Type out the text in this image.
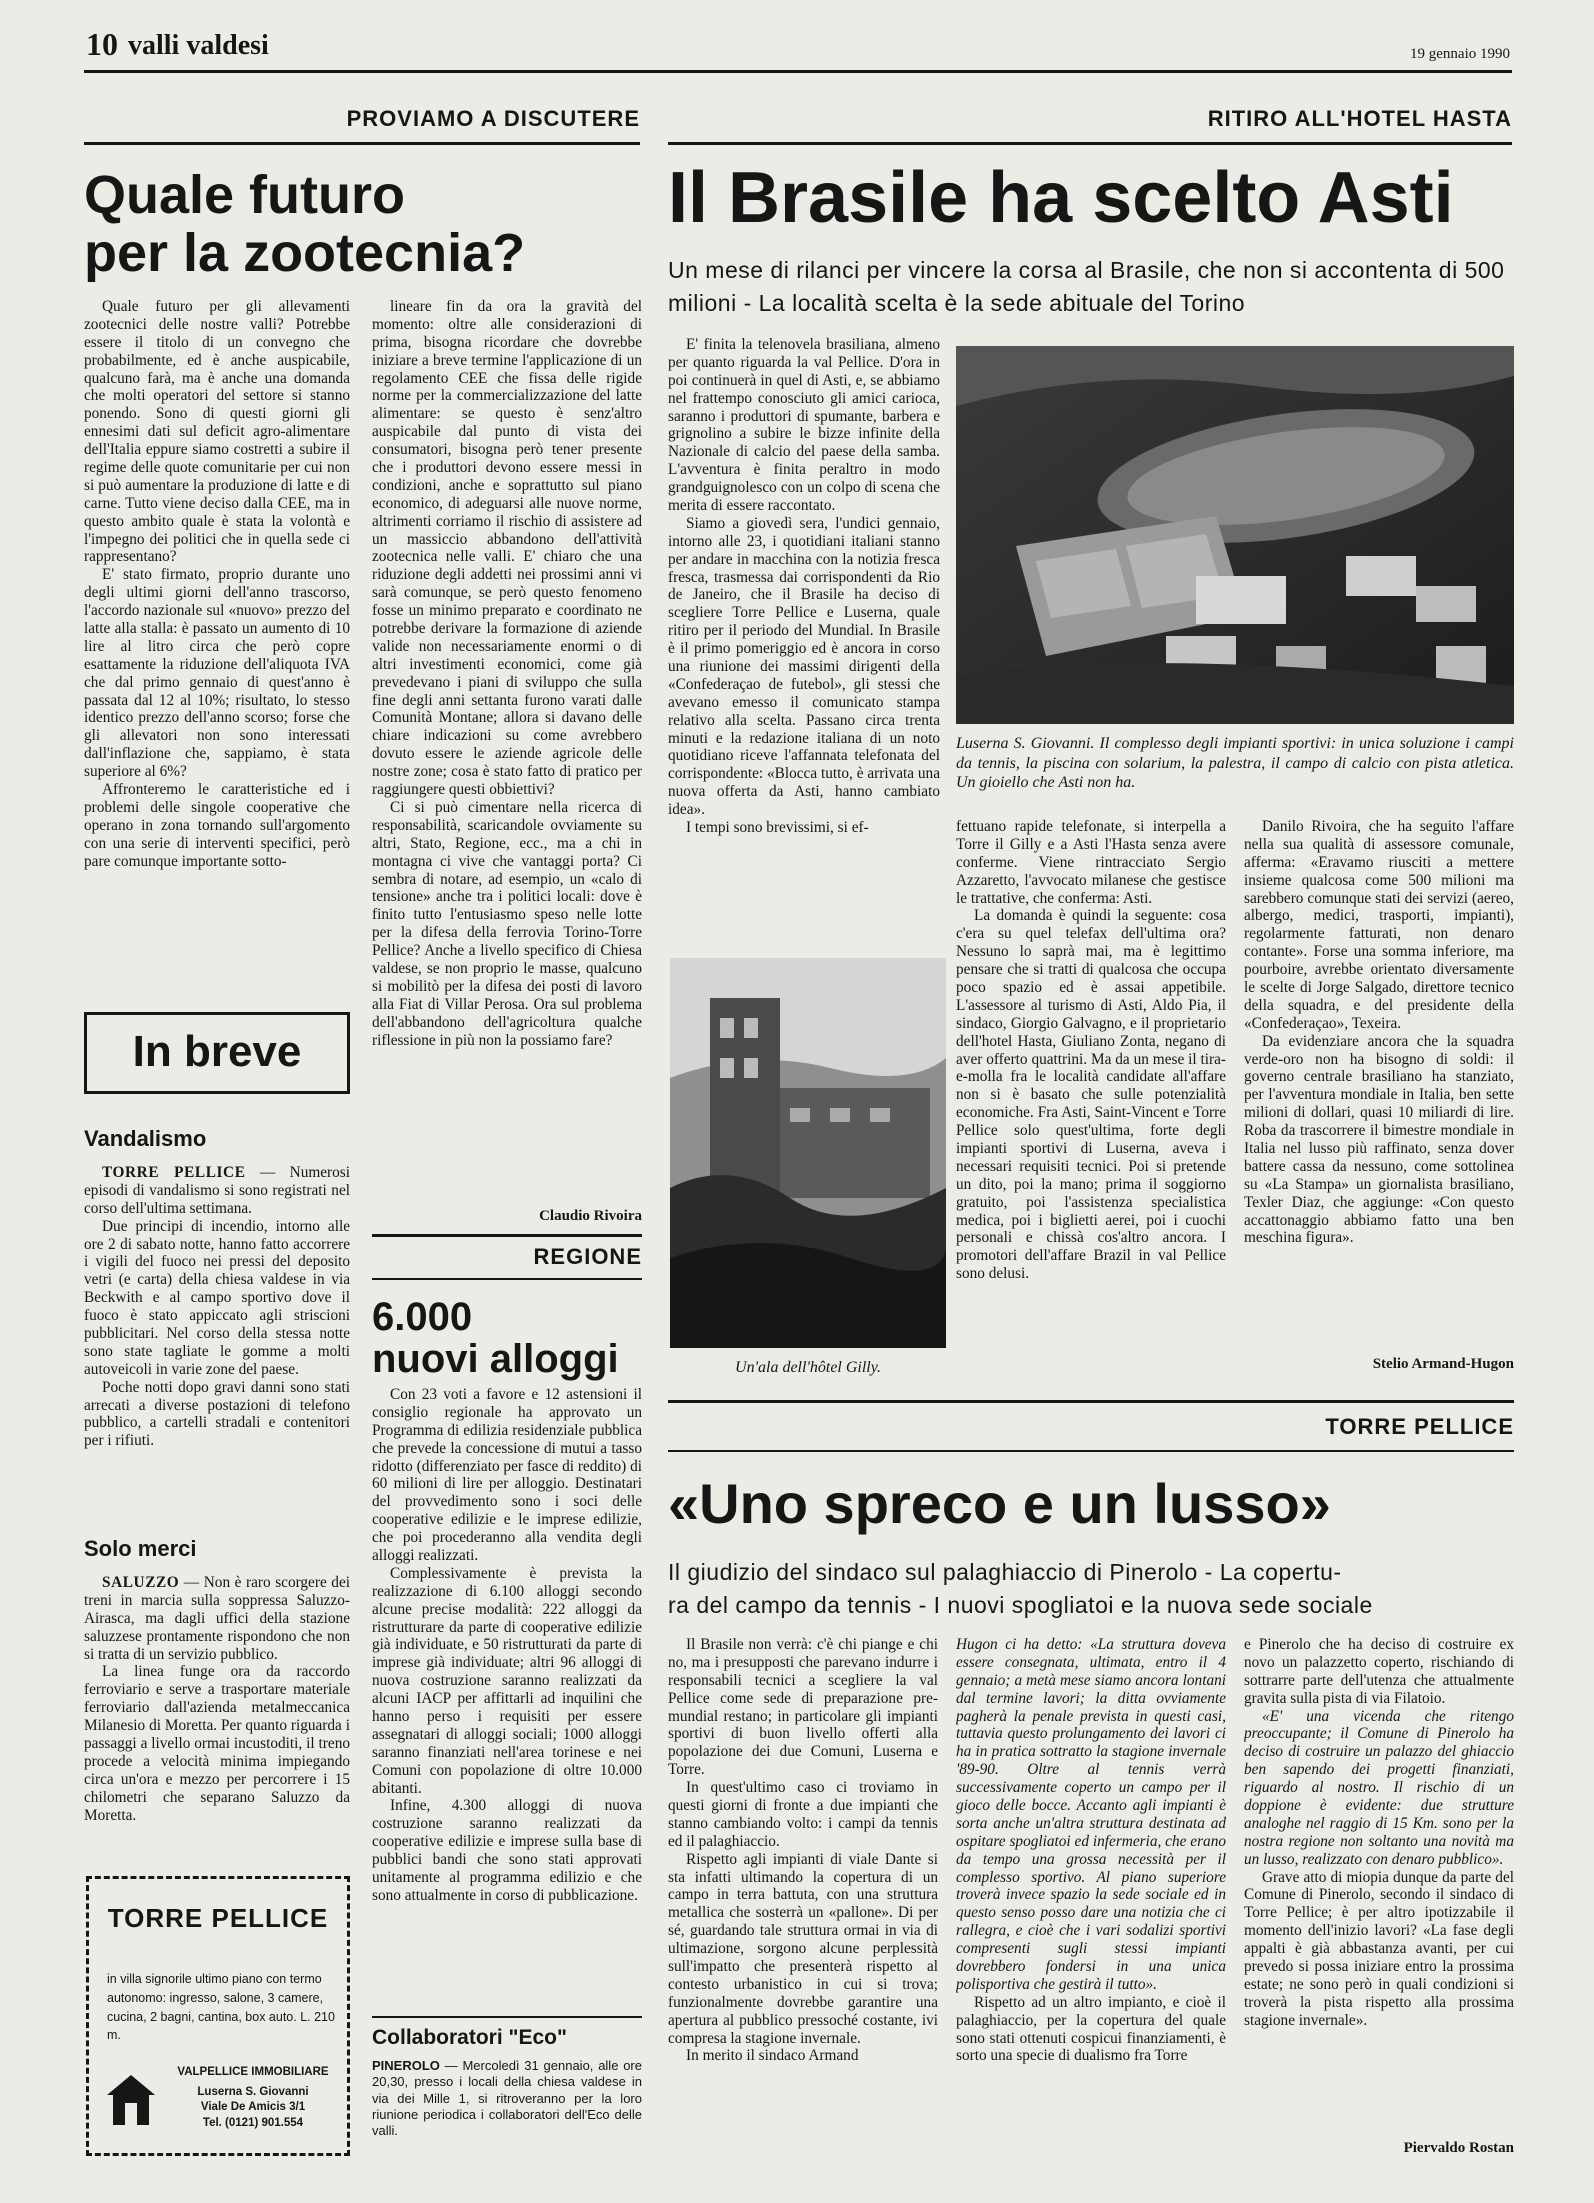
10 valli valdesi	19 gennaio 1990
PROVIAMO A DISCUTERE
Quale futuro
per la zootecnia?

Quale futuro per gli allevamenti zootecnici delle nostre valli? Potrebbe essere il titolo di un convegno che probabilmente, ed è anche auspicabile, qualcuno farà, ma è anche una domanda che molti operatori del settore si stanno ponendo. Sono di questi giorni gli ennesimi dati sul deficit agro-alimentare dell'Italia eppure siamo costretti a subire il regime delle quote comunitarie per cui non si può aumentare la produzione di latte e di carne. Tutto viene deciso dalla CEE, ma in questo ambito quale è stata la volontà e l'impegno dei politici che in quella sede ci rappresentano?

E' stato firmato, proprio durante uno degli ultimi giorni dell'anno trascorso, l'accordo nazionale sul «nuovo» prezzo del latte alla stalla: è passato un aumento di 10 lire al litro circa che però copre esattamente la riduzione dell'aliquota IVA che dal primo gennaio di quest'anno è passata dal 12 al 10%; risultato, lo stesso identico prezzo dell'anno scorso; forse che gli allevatori non sono interessati dall'inflazione che, sappiamo, è stata superiore al 6%?

Affronteremo le caratteristiche ed i problemi delle singole cooperative che operano in zona tornando sull'argomento con una serie di interventi specifici, però pare comunque importante sotto-

lineare fin da ora la gravità del momento: oltre alle considerazioni di prima, bisogna ricordare che dovrebbe iniziare a breve termine l'applicazione di un regolamento CEE che fissa delle rigide norme per la commercializzazione del latte alimentare: se questo è senz'altro auspicabile dal punto di vista dei consumatori, bisogna però tener presente che i produttori devono essere messi in condizioni, anche e soprattutto sul piano economico, di adeguarsi alle nuove norme, altrimenti corriamo il rischio di assistere ad un massiccio abbandono dell'attività zootecnica nelle valli. E' chiaro che una riduzione degli addetti nei prossimi anni vi sarà comunque, se però questo fenomeno fosse un minimo preparato e coordinato ne potrebbe derivare la formazione di aziende valide non necessariamente enormi o di altri investimenti economici, come già prevedevano i piani di sviluppo che sulla fine degli anni settanta furono varati dalle Comunità Montane; allora si davano delle chiare indicazioni su come avrebbero dovuto essere le aziende agricole delle nostre zone; cosa è stato fatto di pratico per raggiungere questi obbiettivi?

Ci si può cimentare nella ricerca di responsabilità, scaricandole ovviamente su altri, Stato, Regione, ecc., ma a chi in montagna ci vive che vantaggi porta? Ci sembra di notare, ad esempio, un «calo di tensione» anche tra i politici locali: dove è finito tutto l'entusiasmo speso nelle lotte per la difesa della ferrovia Torino-Torre Pellice? Anche a livello specifico di Chiesa valdese, se non proprio le masse, qualcuno si mobilitò per la difesa dei posti di lavoro alla Fiat di Villar Perosa. Ora sul problema dell'abbandono dell'agricoltura qualche riflessione in più non la possiamo fare?

Claudio Rivoira
In breve
Vandalismo

TORRE PELLICE — Numerosi episodi di vandalismo si sono registrati nel corso dell'ultima settimana.

Due principi di incendio, intorno alle ore 2 di sabato notte, hanno fatto accorrere i vigili del fuoco nei pressi del deposito vetri (e carta) della chiesa valdese in via Beckwith e al campo sportivo dove il fuoco è stato appiccato agli striscioni pubblicitari. Nel corso della stessa notte sono state tagliate le gomme a molti autoveicoli in varie zone del paese.

Poche notti dopo gravi danni sono stati arrecati a diverse postazioni di telefono pubblico, a cartelli stradali e contenitori per i rifiuti.

Solo merci

SALUZZO — Non è raro scorgere dei treni in marcia sulla soppressa Saluzzo-Airasca, ma dagli uffici della stazione saluzzese prontamente rispondono che non si tratta di un servizio pubblico.

La linea funge ora da raccordo ferroviario e serve a trasportare materiale ferroviario dall'azienda metalmeccanica Milanesio di Moretta. Per quanto riguarda i passaggi a livello ormai incustoditi, il treno procede a velocità minima impiegando circa un'ora e mezzo per percorrere i 15 chilometri che separano Saluzzo da Moretta.

TORRE PELLICE
in villa signorile ultimo piano con termo autonomo: ingresso, salone, 3 camere, cucina, 2 bagni, cantina, box auto. L. 210 m.
VALPELLICE IMMOBILIARE
Luserna S. Giovanni
Viale De Amicis 3/1
Tel. (0121) 901.554
REGIONE
6.000
nuovi alloggi

Con 23 voti a favore e 12 astensioni il consiglio regionale ha approvato un Programma di edilizia residenziale pubblica che prevede la concessione di mutui a tasso ridotto (differenziato per fasce di reddito) di 60 milioni di lire per alloggio. Destinatari del provvedimento sono i soci delle cooperative edilizie e le imprese edilizie, che poi procederanno alla vendita degli alloggi realizzati.

Complessivamente è prevista la realizzazione di 6.100 alloggi secondo alcune precise modalità: 222 alloggi da ristrutturare da parte di cooperative edilizie già individuate, e 50 ristrutturati da parte di imprese già individuate; altri 96 alloggi di nuova costruzione saranno realizzati da alcuni IACP per affittarli ad inquilini che hanno perso i requisiti per essere assegnatari di alloggi sociali; 1000 alloggi saranno finanziati nell'area torinese e nei Comuni con popolazione di oltre 10.000 abitanti.

Infine, 4.300 alloggi di nuova costruzione saranno realizzati da cooperative edilizie e imprese sulla base di pubblici bandi che sono stati approvati unitamente al programma edilizio e che sono attualmente in corso di pubblicazione.

Collaboratori "Eco"
PINEROLO — Mercoledì 31 gennaio, alle ore 20,30, presso i locali della chiesa valdese in via dei Mille 1, si ritroveranno per la loro riunione periodica i collaboratori dell'Eco delle valli.
RITIRO ALL'HOTEL HASTA
Il Brasile ha scelto Asti
Un mese di rilanci per vincere la corsa al Brasile, che non si accontenta di 500 milioni - La località scelta è la sede abituale del Torino

E' finita la telenovela brasiliana, almeno per quanto riguarda la val Pellice. D'ora in poi continuerà in quel di Asti, e, se abbiamo nel frattempo conosciuto gli amici carioca, saranno i produttori di spumante, barbera e grignolino a subire le bizze infinite della Nazionale di calcio del paese della samba. L'avventura è finita peraltro in modo grandguignolesco con un colpo di scena che merita di essere raccontato.

Siamo a giovedì sera, l'undici gennaio, intorno alle 23, i quotidiani italiani stanno per andare in macchina con la notizia fresca fresca, trasmessa dai corrispondenti da Rio de Janeiro, che il Brasile ha deciso di scegliere Torre Pellice e Luserna, quale ritiro per il periodo del Mundial. In Brasile è il primo pomeriggio ed è ancora in corso una riunione dei massimi dirigenti della «Confederaçao de futebol», gli stessi che avevano emesso il comunicato stampa relativo alla scelta. Passano circa trenta minuti e la redazione italiana di un noto quotidiano riceve l'affannata telefonata del corrispondente: «Blocca tutto, è arrivata una nuova offerta da Asti, hanno cambiato idea».

I tempi sono brevissimi, si ef-

Luserna S. Giovanni. Il complesso degli impianti sportivi: in unica soluzione i campi da tennis, la piscina con solarium, la palestra, il campo di calcio con pista atletica. Un gioiello che Asti non ha.
Un'ala dell'hôtel Gilly.

fettuano rapide telefonate, si interpella a Torre il Gilly e a Asti l'Hasta senza avere conferme. Viene rintracciato Sergio Azzaretto, l'avvocato milanese che gestisce le trattative, che conferma: Asti.

La domanda è quindi la seguente: cosa c'era su quel telefax dell'ultima ora? Nessuno lo saprà mai, ma è legittimo pensare che si tratti di qualcosa che occupa poco spazio ed è assai appetibile. L'assessore al turismo di Asti, Aldo Pia, il sindaco, Giorgio Galvagno, e il proprietario dell'hotel Hasta, Giuliano Zonta, negano di aver offerto quattrini. Ma da un mese il tira-e-molla fra le località candidate all'affare non si è basato che sulle potenzialità economiche. Fra Asti, Saint-Vincent e Torre Pellice solo quest'ultima, forte degli impianti sportivi di Luserna, aveva i necessari requisiti tecnici. Poi si pretende un dito, poi la mano; prima il soggiorno gratuito, poi l'assistenza specialistica medica, poi i biglietti aerei, poi i cuochi personali e chissà cos'altro ancora. I promotori dell'affare Brazil in val Pellice sono delusi.

Danilo Rivoira, che ha seguito l'affare nella sua qualità di assessore comunale, afferma: «Eravamo riusciti a mettere insieme qualcosa come 500 milioni ma sarebbero comunque stati dei servizi (aereo, albergo, medici, trasporti, impianti), regolarmente fatturati, non denaro contante». Forse una somma inferiore, ma pourboire, avrebbe orientato diversamente le scelte di Jorge Salgado, direttore tecnico della squadra, e del presidente della «Confederaçao», Texeira.

Da evidenziare ancora che la squadra verde-oro non ha bisogno di soldi: il governo centrale brasiliano ha stanziato, per l'avventura mondiale in Italia, ben sette milioni di dollari, quasi 10 miliardi di lire. Roba da trascorrere il bimestre mondiale in Italia nel lusso più raffinato, senza dover battere cassa da nessuno, come sottolinea su «La Stampa» un giornalista brasiliano, Texler Diaz, che aggiunge: «Con questo accattonaggio abbiamo fatto una ben meschina figura».

Stelio Armand-Hugon
TORRE PELLICE
«Uno spreco e un lusso»
Il giudizio del sindaco sul palaghiaccio di Pinerolo - La copertu-
ra del campo da tennis - I nuovi spogliatoi e la nuova sede sociale

Il Brasile non verrà: c'è chi piange e chi no, ma i presupposti che parevano indurre i responsabili tecnici a scegliere la val Pellice come sede di preparazione pre-mundial restano; in particolare gli impianti sportivi di buon livello offerti alla popolazione dei due Comuni, Luserna e Torre.

In quest'ultimo caso ci troviamo in questi giorni di fronte a due impianti che stanno cambiando volto: i campi da tennis ed il palaghiaccio.

Rispetto agli impianti di viale Dante si sta infatti ultimando la copertura di un campo in terra battuta, con una struttura metallica che sosterrà un «pallone». Di per sé, guardando tale struttura ormai in via di ultimazione, sorgono alcune perplessità sull'impatto che presenterà rispetto al contesto urbanistico in cui si trova; funzionalmente dovrebbe garantire una apertura al pubblico pressoché costante, ivi compresa la stagione invernale.

In merito il sindaco Armand

Hugon ci ha detto: «La struttura doveva essere consegnata, ultimata, entro il 4 gennaio; a metà mese siamo ancora lontani dal termine lavori; la ditta ovviamente pagherà la penale prevista in questi casi, tuttavia questo prolungamento dei lavori ci ha in pratica sottratto la stagione invernale '89-90. Oltre al tennis verrà successivamente coperto un campo per il gioco delle bocce. Accanto agli impianti è sorta anche un'altra struttura destinata ad ospitare spogliatoi ed infermeria, che erano da tempo una grossa necessità per il complesso sportivo. Al piano superiore troverà invece spazio la sede sociale ed in questo senso posso dare una notizia che ci rallegra, e cioè che i vari sodalizi sportivi compresenti sugli stessi impianti dovrebbero fondersi in una unica polisportiva che gestirà il tutto».

Rispetto ad un altro impianto, e cioè il palaghiaccio, per la copertura del quale sono stati ottenuti cospicui finanziamenti, è sorto una specie di dualismo fra Torre

e Pinerolo che ha deciso di costruire ex novo un palazzetto coperto, rischiando di sottrarre parte dell'utenza che attualmente gravita sulla pista di via Filatoio.

«E' una vicenda che ritengo preoccupante; il Comune di Pinerolo ha deciso di costruire un palazzo del ghiaccio ben sapendo dei progetti finanziati, riguardo al nostro. Il rischio di un doppione è evidente: due strutture analoghe nel raggio di 15 Km. sono per la nostra regione non soltanto una novità ma un lusso, realizzato con denaro pubblico».

Grave atto di miopia dunque da parte del Comune di Pinerolo, secondo il sindaco di Torre Pellice; è per altro ipotizzabile il momento dell'inizio lavori? «La fase degli appalti è già abbastanza avanti, per cui prevedo si possa iniziare entro la prossima estate; ne sono però in quali condizioni si troverà la pista rispetto alla prossima stagione invernale».

Piervaldo Rostan
